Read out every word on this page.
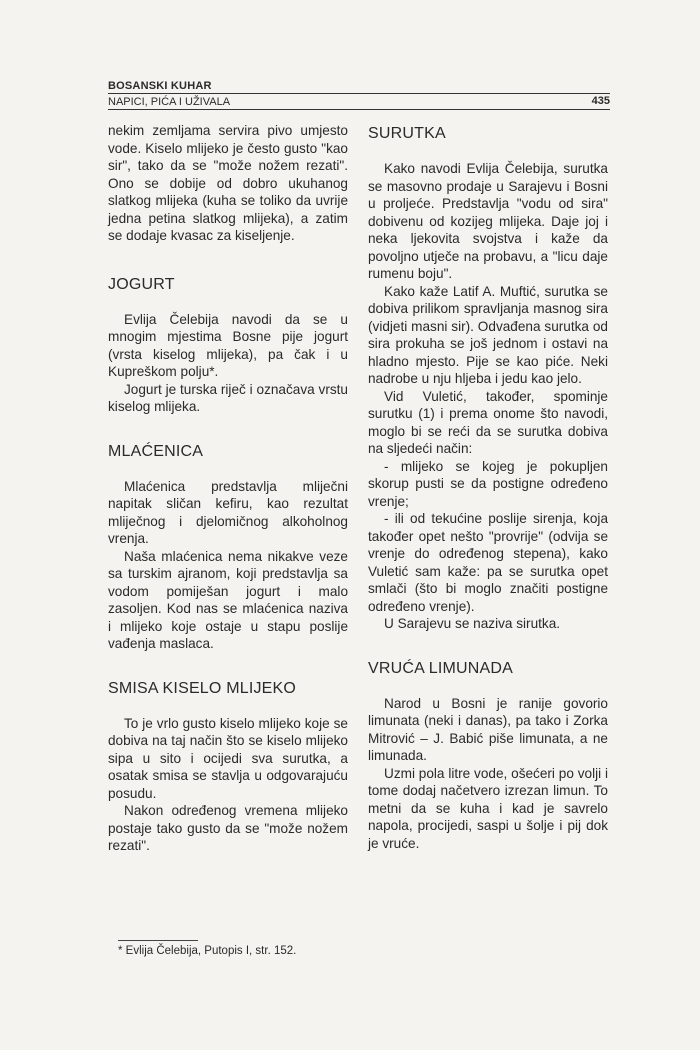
BOSANSKI KUHAR
NAPICI, PIĆA I UŽIVALA	435

nekim zemljama servira pivo umjesto vode. Kiselo mlijeko je često gusto "kao sir", tako da se "može nožem rezati". Ono se dobije od dobro ukuhanog slatkog mlijeka (kuha se toliko da uvrije jedna petina slatkog mlijeka), a zatim se dodaje kvasac za kiseljenje.

JOGURT

Evlija Čelebija navodi da se u mnogim mjestima Bosne pije jogurt (vrsta kiselog mlijeka), pa čak i u Kupreškom polju*.

Jogurt je turska riječ i označava vrstu kiselog mlijeka.

MLAĆENICA

Mlaćenica predstavlja mliječni napitak sličan kefiru, kao rezultat mliječnog i djelomičnog alkoholnog vrenja.

Naša mlaćenica nema nikakve veze sa turskim ajranom, koji predstavlja sa vodom pomiješan jogurt i malo zasoljen. Kod nas se mlaćenica naziva i mlijeko koje ostaje u stapu poslije vađenja maslaca.

SMISA KISELO MLIJEKO

To je vrlo gusto kiselo mlijeko koje se dobiva na taj način što se kiselo mlijeko sipa u sito i ocijedi sva surutka, a osatak smisa se stavlja u odgovarajuću posudu.

Nakon određenog vremena mlijeko postaje tako gusto da se "može nožem rezati".

SURUTKA

Kako navodi Evlija Čelebija, surutka se masovno prodaje u Sarajevu i Bosni u proljeće. Predstavlja "vodu od sira" dobivenu od kozijeg mlijeka. Daje joj i neka ljekovita svojstva i kaže da povoljno utječe na probavu, a "licu daje rumenu boju".

Kako kaže Latif A. Muftić, surutka se dobiva prilikom spravljanja masnog sira (vidjeti masni sir). Odvađena surutka od sira prokuha se još jednom i ostavi na hladno mjesto. Pije se kao piće. Neki nadrobe u nju hljeba i jedu kao jelo.

Vid Vuletić, također, spominje surutku (1) i prema onome što navodi, moglo bi se reći da se surutka dobiva na sljedeći način:

- mlijeko se kojeg je pokupljen skorup pusti se da postigne određeno vrenje;

- ili od tekućine poslije sirenja, koja također opet nešto "provrije" (odvija se vrenje do određenog stepena), kako Vuletić sam kaže: pa se surutka opet smlači (što bi moglo značiti postigne određeno vrenje).

U Sarajevu se naziva sirutka.

VRUĆA LIMUNADA

Narod u Bosni je ranije govorio limunata (neki i danas), pa tako i Zorka Mitrović – J. Babić piše limunata, a ne limunada.

Uzmi pola litre vode, ošećeri po volji i tome dodaj načetvero izrezan limun. To metni da se kuha i kad je savrelo napola, procijedi, saspi u šolje i pij dok je vruće.

* Evlija Čelebija, Putopis I, str. 152.
